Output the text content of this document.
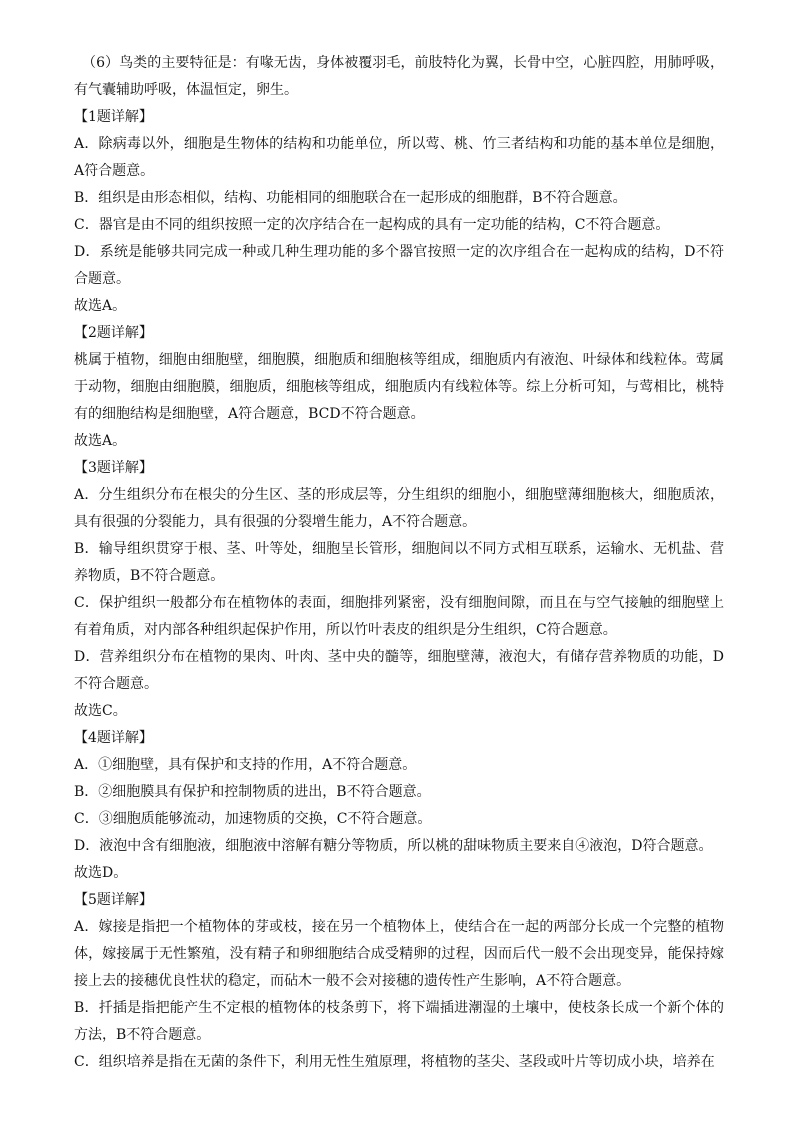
（6）鸟类的主要特征是：有喙无齿，身体被覆羽毛，前肢特化为翼，长骨中空，心脏四腔，用肺呼吸，有气囊辅助呼吸，体温恒定，卵生。

【1题详解】

A．除病毒以外，细胞是生物体的结构和功能单位，所以莺、桃、竹三者结构和功能的基本单位是细胞，A符合题意。

B．组织是由形态相似，结构、功能相同的细胞联合在一起形成的细胞群，B不符合题意。

C．器官是由不同的组织按照一定的次序结合在一起构成的具有一定功能的结构，C不符合题意。

D．系统是能够共同完成一种或几种生理功能的多个器官按照一定的次序组合在一起构成的结构，D不符合题意。

故选A。

【2题详解】

桃属于植物，细胞由细胞壁，细胞膜，细胞质和细胞核等组成，细胞质内有液泡、叶绿体和线粒体。莺属于动物，细胞由细胞膜，细胞质，细胞核等组成，细胞质内有线粒体等。综上分析可知，与莺相比，桃特有的细胞结构是细胞壁，A符合题意，BCD不符合题意。

故选A。

【3题详解】

A．分生组织分布在根尖的分生区、茎的形成层等，分生组织的细胞小，细胞壁薄细胞核大，细胞质浓，具有很强的分裂能力，具有很强的分裂增生能力，A不符合题意。

B．输导组织贯穿于根、茎、叶等处，细胞呈长管形，细胞间以不同方式相互联系，运输水、无机盐、营养物质，B不符合题意。

C．保护组织一般都分布在植物体的表面，细胞排列紧密，没有细胞间隙，而且在与空气接触的细胞壁上有着角质，对内部各种组织起保护作用，所以竹叶表皮的组织是分生组织，C符合题意。

D．营养组织分布在植物的果肉、叶肉、茎中央的髓等，细胞壁薄，液泡大，有储存营养物质的功能，D不符合题意。

故选C。

【4题详解】

A．①细胞壁，具有保护和支持的作用，A不符合题意。

B．②细胞膜具有保护和控制物质的进出，B不符合题意。

C．③细胞质能够流动，加速物质的交换，C不符合题意。

D．液泡中含有细胞液，细胞液中溶解有糖分等物质，所以桃的甜味物质主要来自④液泡，D符合题意。

故选D。

【5题详解】

A．嫁接是指把一个植物体的芽或枝，接在另一个植物体上，使结合在一起的两部分长成一个完整的植物体，嫁接属于无性繁殖，没有精子和卵细胞结合成受精卵的过程，因而后代一般不会出现变异，能保持嫁接上去的接穗优良性状的稳定，而砧木一般不会对接穗的遗传性产生影响，A不符合题意。

B．扦插是指把能产生不定根的植物体的枝条剪下，将下端插进潮湿的土壤中，使枝条长成一个新个体的方法，B不符合题意。

C．组织培养是指在无菌的条件下，利用无性生殖原理，将植物的茎尖、茎段或叶片等切成小块，培养在
